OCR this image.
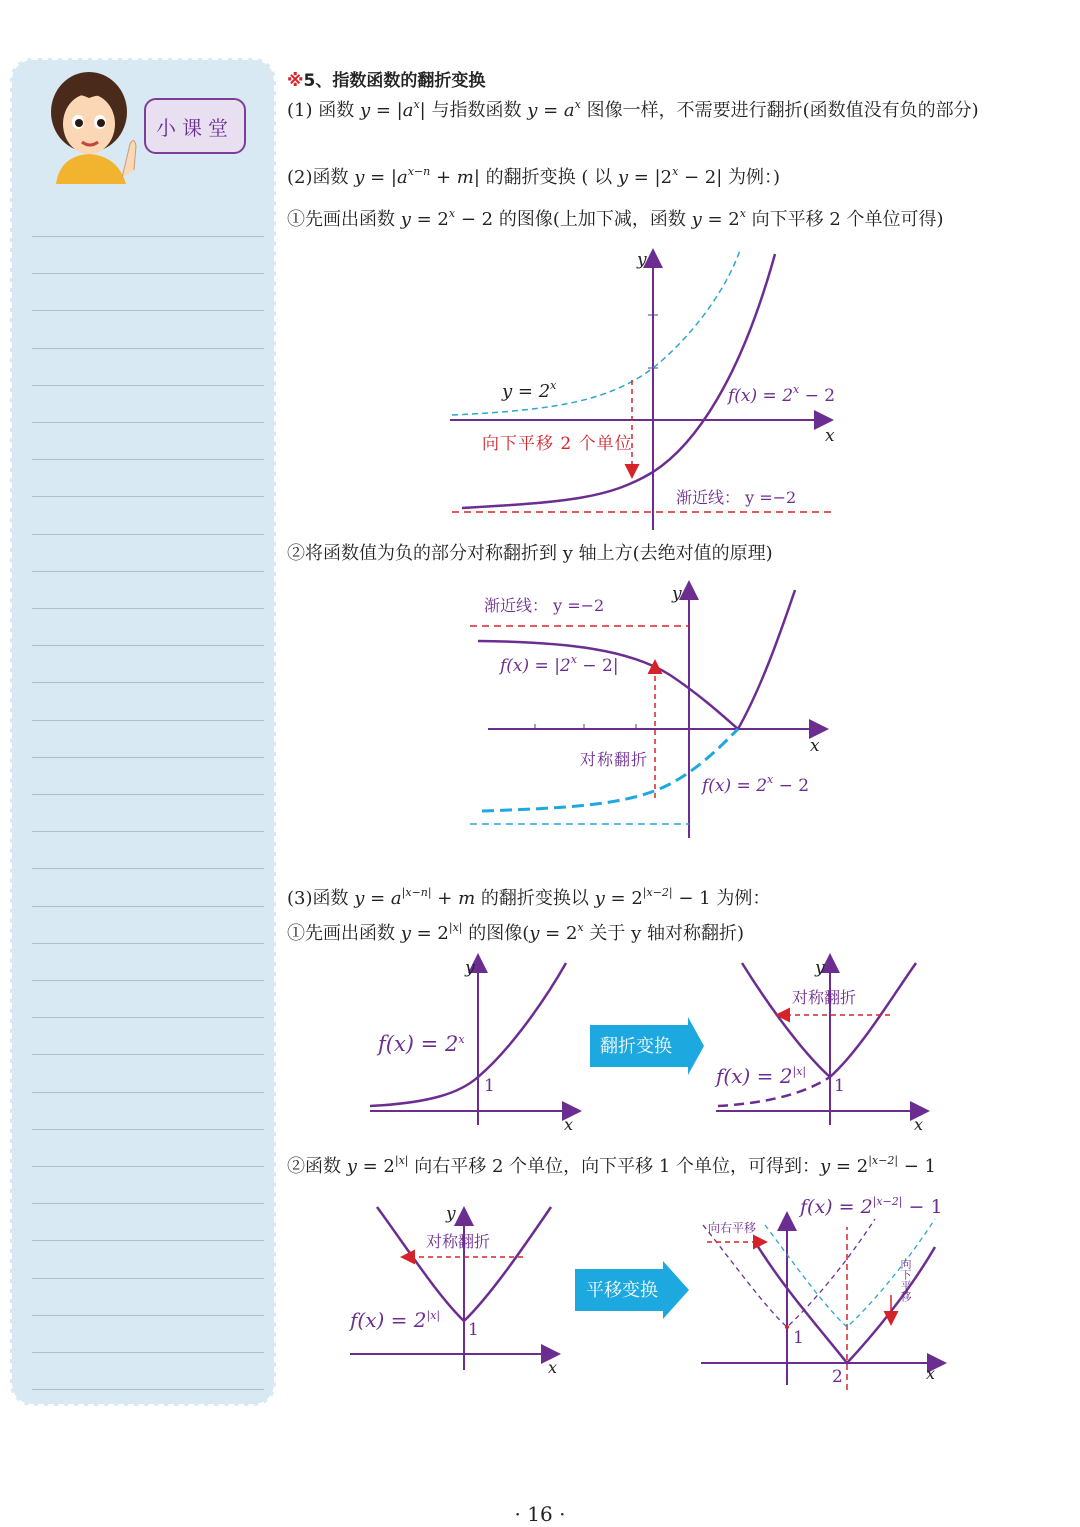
小课堂
※5、指数函数的翻折变换
(1) 函数 $y = |a^x|$ 与指数函数 $y = a^x$ 图像一样，不需要进行翻折(函数值没有负的部分)
(2)函数 $y = |a^{x-n} + m|$ 的翻折变换 ( 以 $y = |2^x - 2|$ 为例：)
①先画出函数 $y = 2^x - 2$ 的图像(上加下减，函数 $y = 2^x$ 向下平移 2 个单位可得)
y
x
$y = 2^x$
$f(x) = 2^x - 2$
向下平移 2 个单位
渐近线： y =−2
②将函数值为负的部分对称翻折到 y 轴上方(去绝对值的原理)
y
x
渐近线： y =−2
$f(x) = |2^x - 2|$
对称翻折
$f(x) = 2^x - 2$
(3)函数 $y = a^{|x-n|} + m$ 的翻折变换以 $y = 2^{|x-2|} - 1$ 为例：
①先画出函数 $y = 2^{|x|}$ 的图像($y = 2^x$ 关于 y 轴对称翻折)
y
x
$f(x) = 2^x$
1
翻折变换
y
x
对称翻折
$f(x) = 2^{|x|}$
1
②函数 $y = 2^{|x|}$ 向右平移 2 个单位，向下平移 1 个单位，可得到：$y = 2^{|x-2|} - 1$
y
x
对称翻折
$f(x) = 2^{|x|}$
1
平移变换
$f(x) = 2^{|x-2|} - 1$
向右平移
向下平移
1
2	x
· 16 ·
